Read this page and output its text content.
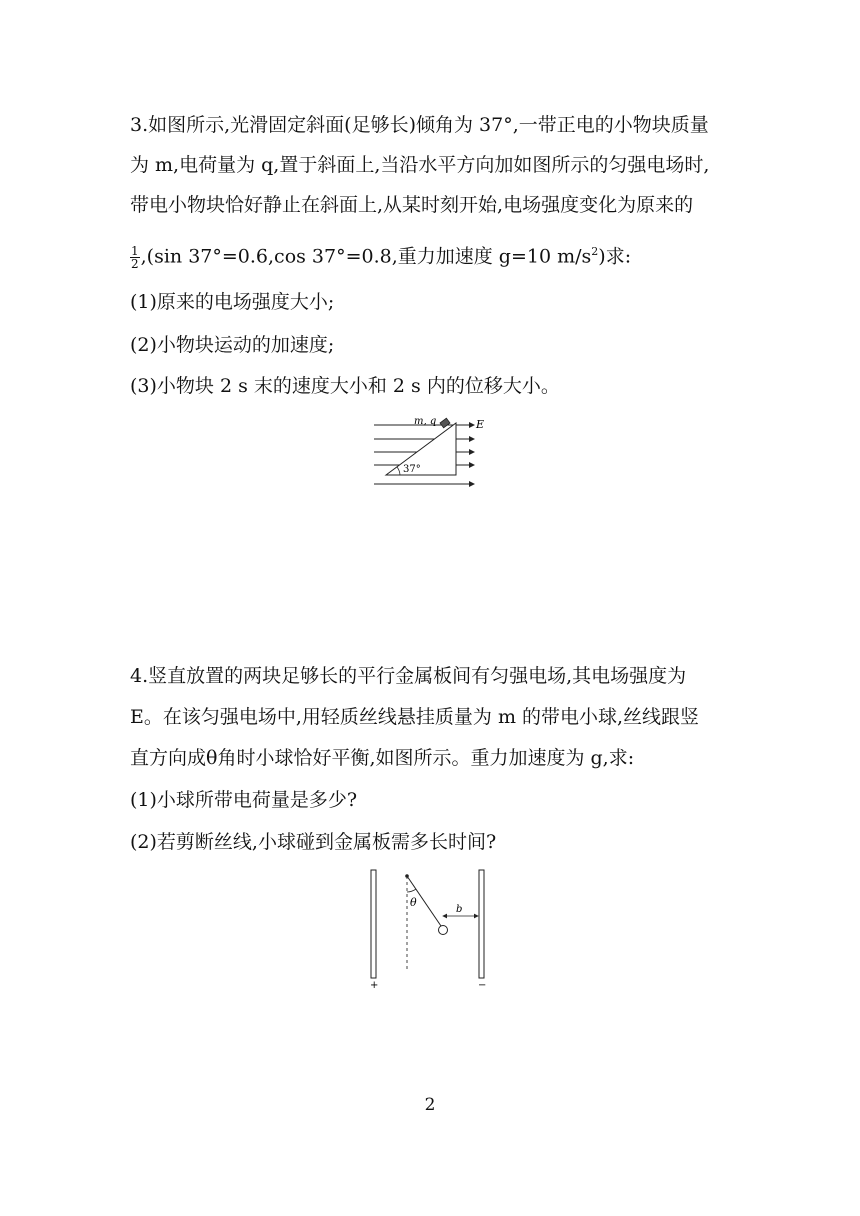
3.如图所示,光滑固定斜面(足够长)倾角为 37°,一带正电的小物块质量
为 m,电荷量为 q,置于斜面上,当沿水平方向加如图所示的匀强电场时,
带电小物块恰好静止在斜面上,从某时刻开始,电场强度变化为原来的
$\frac{1}{2} ,(\sin$ 37°=0.6,cos 37°=0.8,重力加速度 g=10 $m/s^2$)求:
(1)原来的电场强度大小;
(2)小物块运动的加速度;
(3)小物块 2 s 末的速度大小和 2 s 内的位移大小。
m, q	E
37°
4.竖直放置的两块足够长的平行金属板间有匀强电场,其电场强度为
E。在该匀强电场中,用轻质丝线悬挂质量为 m 的带电小球,丝线跟竖
直方向成θ角时小球恰好平衡,如图所示。重力加速度为 g,求:
(1)小球所带电荷量是多少?
(2)若剪断丝线,小球碰到金属板需多长时间?
θ
b
+	−
2
